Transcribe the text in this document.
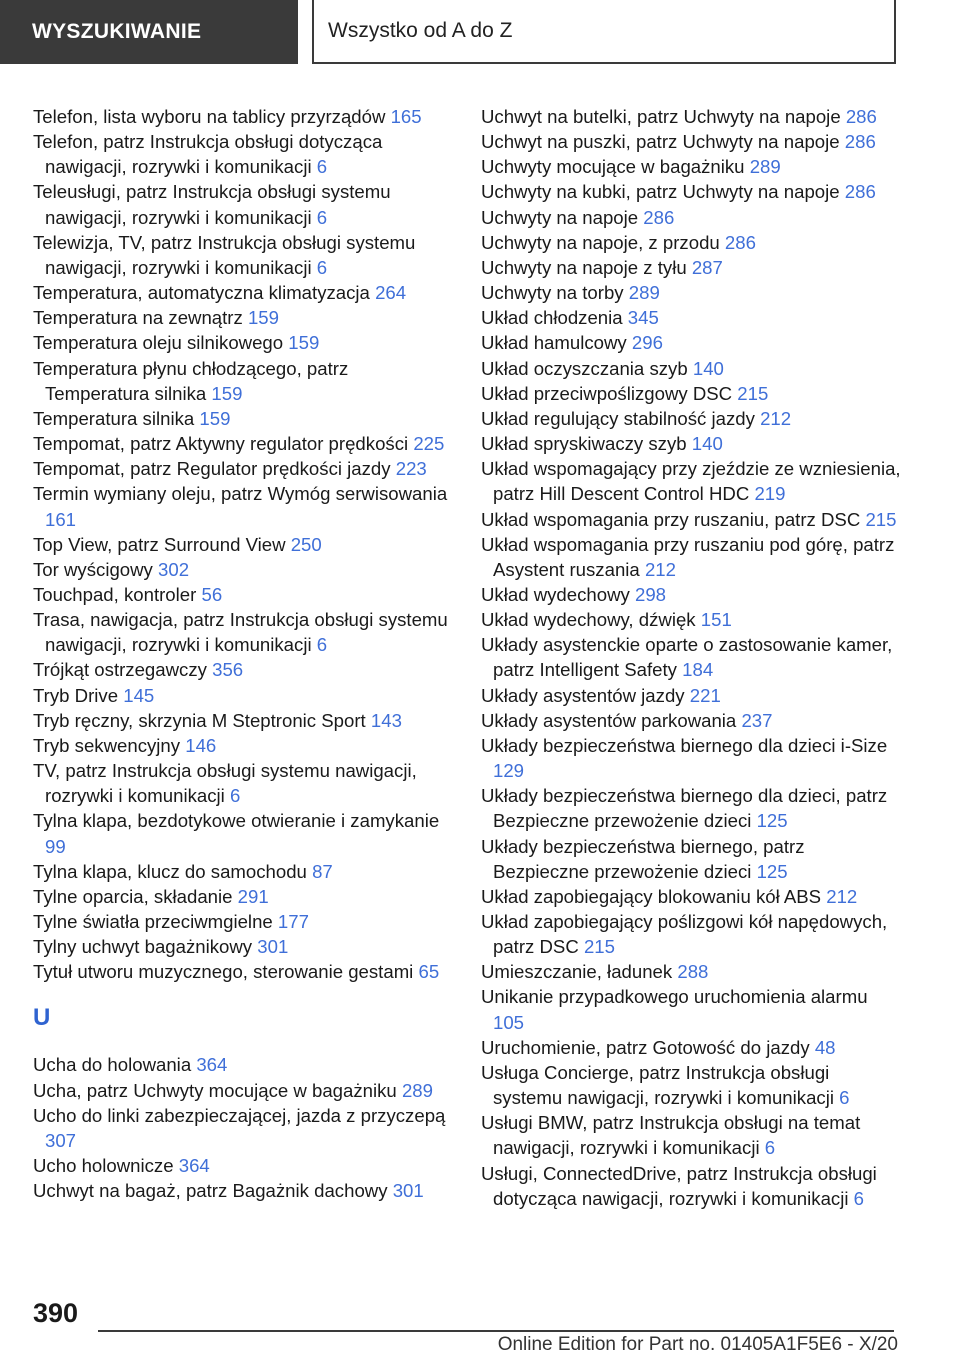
WYSZUKIWANIE	Wszystko od A do Z
Telefon, lista wyboru na tablicy przyrządów 165
Telefon, patrz Instrukcja obsługi dotycząca nawigacji, rozrywki i komunikacji 6
Teleusługi, patrz Instrukcja obsługi systemu nawigacji, rozrywki i komunikacji 6
Telewizja, TV, patrz Instrukcja obsługi systemu nawigacji, rozrywki i komunikacji 6
Temperatura, automatyczna klimatyzacja 264
Temperatura na zewnątrz 159
Temperatura oleju silnikowego 159
Temperatura płynu chłodzącego, patrz Temperatura silnika 159
Temperatura silnika 159
Tempomat, patrz Aktywny regulator prędkości 225
Tempomat, patrz Regulator prędkości jazdy 223
Termin wymiany oleju, patrz Wymóg serwisowania 161
Top View, patrz Surround View 250
Tor wyścigowy 302
Touchpad, kontroler 56
Trasa, nawigacja, patrz Instrukcja obsługi systemu nawigacji, rozrywki i komunikacji 6
Trójkąt ostrzegawczy 356
Tryb Drive 145
Tryb ręczny, skrzynia M Steptronic Sport 143
Tryb sekwencyjny 146
TV, patrz Instrukcja obsługi systemu nawigacji, rozrywki i komunikacji 6
Tylna klapa, bezdotykowe otwieranie i zamykanie 99
Tylna klapa, klucz do samochodu 87
Tylne oparcia, składanie 291
Tylne światła przeciwmgielne 177
Tylny uchwyt bagażnikowy 301
Tytuł utworu muzycznego, sterowanie gestami 65
U
Ucha do holowania 364
Ucha, patrz Uchwyty mocujące w bagażniku 289
Ucho do linki zabezpieczającej, jazda z przyczepą 307
Ucho holownicze 364
Uchwyt na bagaż, patrz Bagażnik dachowy 301
Uchwyt na butelki, patrz Uchwyty na napoje 286
Uchwyt na puszki, patrz Uchwyty na napoje 286
Uchwyty mocujące w bagażniku 289
Uchwyty na kubki, patrz Uchwyty na napoje 286
Uchwyty na napoje 286
Uchwyty na napoje, z przodu 286
Uchwyty na napoje z tyłu 287
Uchwyty na torby 289
Układ chłodzenia 345
Układ hamulcowy 296
Układ oczyszczania szyb 140
Układ przeciwpoślizgowy DSC 215
Układ regulujący stabilność jazdy 212
Układ spryskiwaczy szyb 140
Układ wspomagający przy zjeździe ze wzniesienia, patrz Hill Descent Control HDC 219
Układ wspomagania przy ruszaniu, patrz DSC 215
Układ wspomagania przy ruszaniu pod górę, patrz Asystent ruszania 212
Układ wydechowy 298
Układ wydechowy, dźwięk 151
Układy asystenckie oparte o zastosowanie kamer, patrz Intelligent Safety 184
Układy asystentów jazdy 221
Układy asystentów parkowania 237
Układy bezpieczeństwa biernego dla dzieci i-Size 129
Układy bezpieczeństwa biernego dla dzieci, patrz Bezpieczne przewożenie dzieci 125
Układy bezpieczeństwa biernego, patrz Bezpieczne przewożenie dzieci 125
Układ zapobiegający blokowaniu kół ABS 212
Układ zapobiegający poślizgowi kół napędowych, patrz DSC 215
Umieszczanie, ładunek 288
Unikanie przypadkowego uruchomienia alarmu 105
Uruchomienie, patrz Gotowość do jazdy 48
Usługa Concierge, patrz Instrukcja obsługi systemu nawigacji, rozrywki i komunikacji 6
Usługi BMW, patrz Instrukcja obsługi na temat nawigacji, rozrywki i komunikacji 6
Usługi, ConnectedDrive, patrz Instrukcja obsługi dotycząca nawigacji, rozrywki i komunikacji 6
390
Online Edition for Part no. 01405A1F5E6 - X/20
